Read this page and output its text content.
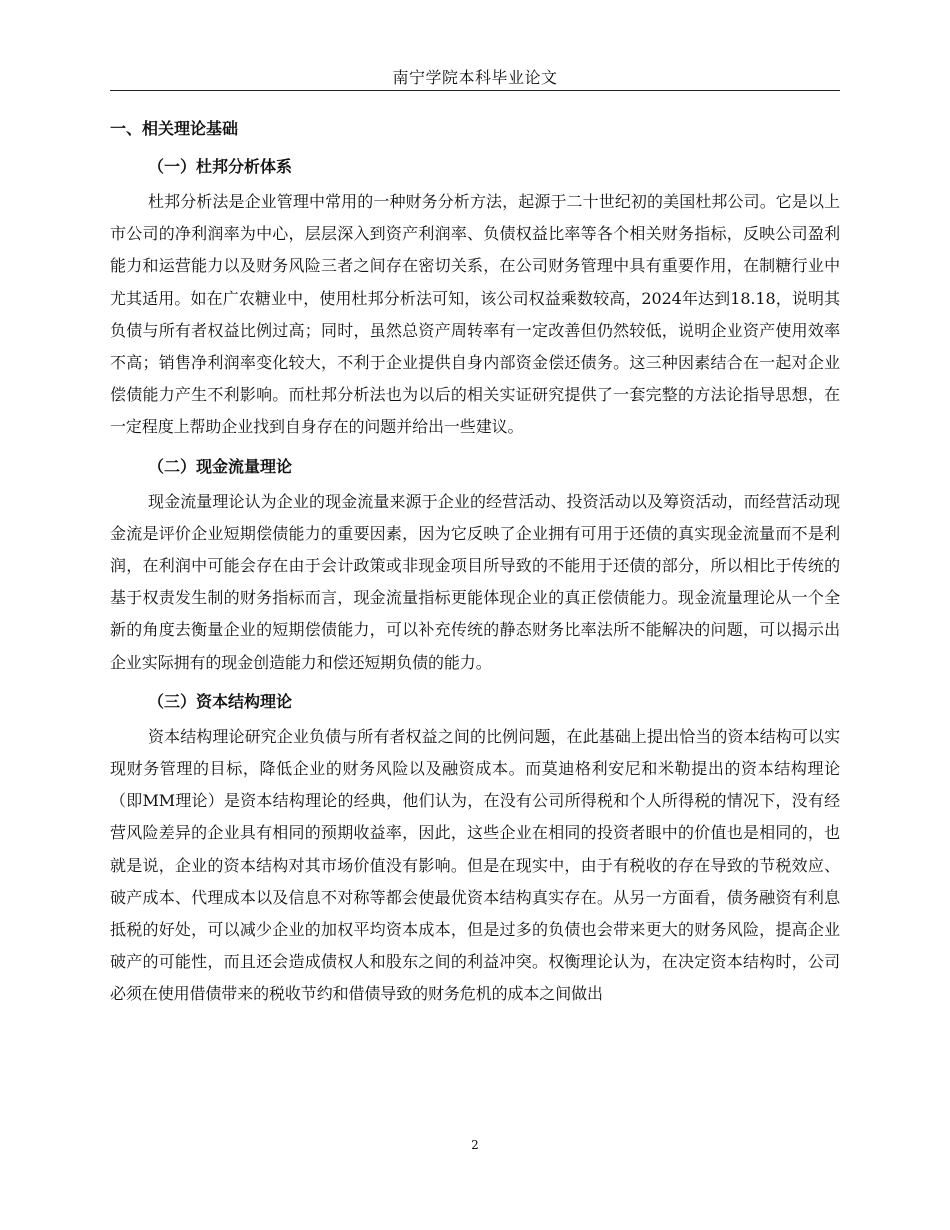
南宁学院本科毕业论文
一、相关理论基础
（一）杜邦分析体系

杜邦分析法是企业管理中常用的一种财务分析方法，起源于二十世纪初的美国杜邦公司。它是以上市公司的净利润率为中心，层层深入到资产利润率、负债权益比率等各个相关财务指标，反映公司盈利能力和运营能力以及财务风险三者之间存在密切关系，在公司财务管理中具有重要作用，在制糖行业中尤其适用。如在广农糖业中，使用杜邦分析法可知，该公司权益乘数较高，2024年达到18.18，说明其负债与所有者权益比例过高；同时，虽然总资产周转率有一定改善但仍然较低，说明企业资产使用效率不高；销售净利润率变化较大，不利于企业提供自身内部资金偿还债务。这三种因素结合在一起对企业偿债能力产生不利影响。而杜邦分析法也为以后的相关实证研究提供了一套完整的方法论指导思想，在一定程度上帮助企业找到自身存在的问题并给出一些建议。

（二）现金流量理论

现金流量理论认为企业的现金流量来源于企业的经营活动、投资活动以及筹资活动，而经营活动现金流是评价企业短期偿债能力的重要因素，因为它反映了企业拥有可用于还债的真实现金流量而不是利润，在利润中可能会存在由于会计政策或非现金项目所导致的不能用于还债的部分，所以相比于传统的基于权责发生制的财务指标而言，现金流量指标更能体现企业的真正偿债能力。现金流量理论从一个全新的角度去衡量企业的短期偿债能力，可以补充传统的静态财务比率法所不能解决的问题，可以揭示出企业实际拥有的现金创造能力和偿还短期负债的能力。

（三）资本结构理论

资本结构理论研究企业负债与所有者权益之间的比例问题，在此基础上提出恰当的资本结构可以实现财务管理的目标，降低企业的财务风险以及融资成本。而莫迪格利安尼和米勒提出的资本结构理论（即MM理论）是资本结构理论的经典，他们认为，在没有公司所得税和个人所得税的情况下，没有经营风险差异的企业具有相同的预期收益率，因此，这些企业在相同的投资者眼中的价值也是相同的，也就是说，企业的资本结构对其市场价值没有影响。但是在现实中，由于有税收的存在导致的节税效应、破产成本、代理成本以及信息不对称等都会使最优资本结构真实存在。从另一方面看，债务融资有利息抵税的好处，可以减少企业的加权平均资本成本，但是过多的负债也会带来更大的财务风险，提高企业破产的可能性，而且还会造成债权人和股东之间的利益冲突。权衡理论认为，在决定资本结构时，公司必须在使用借债带来的税收节约和借债导致的财务危机的成本之间做出

2
